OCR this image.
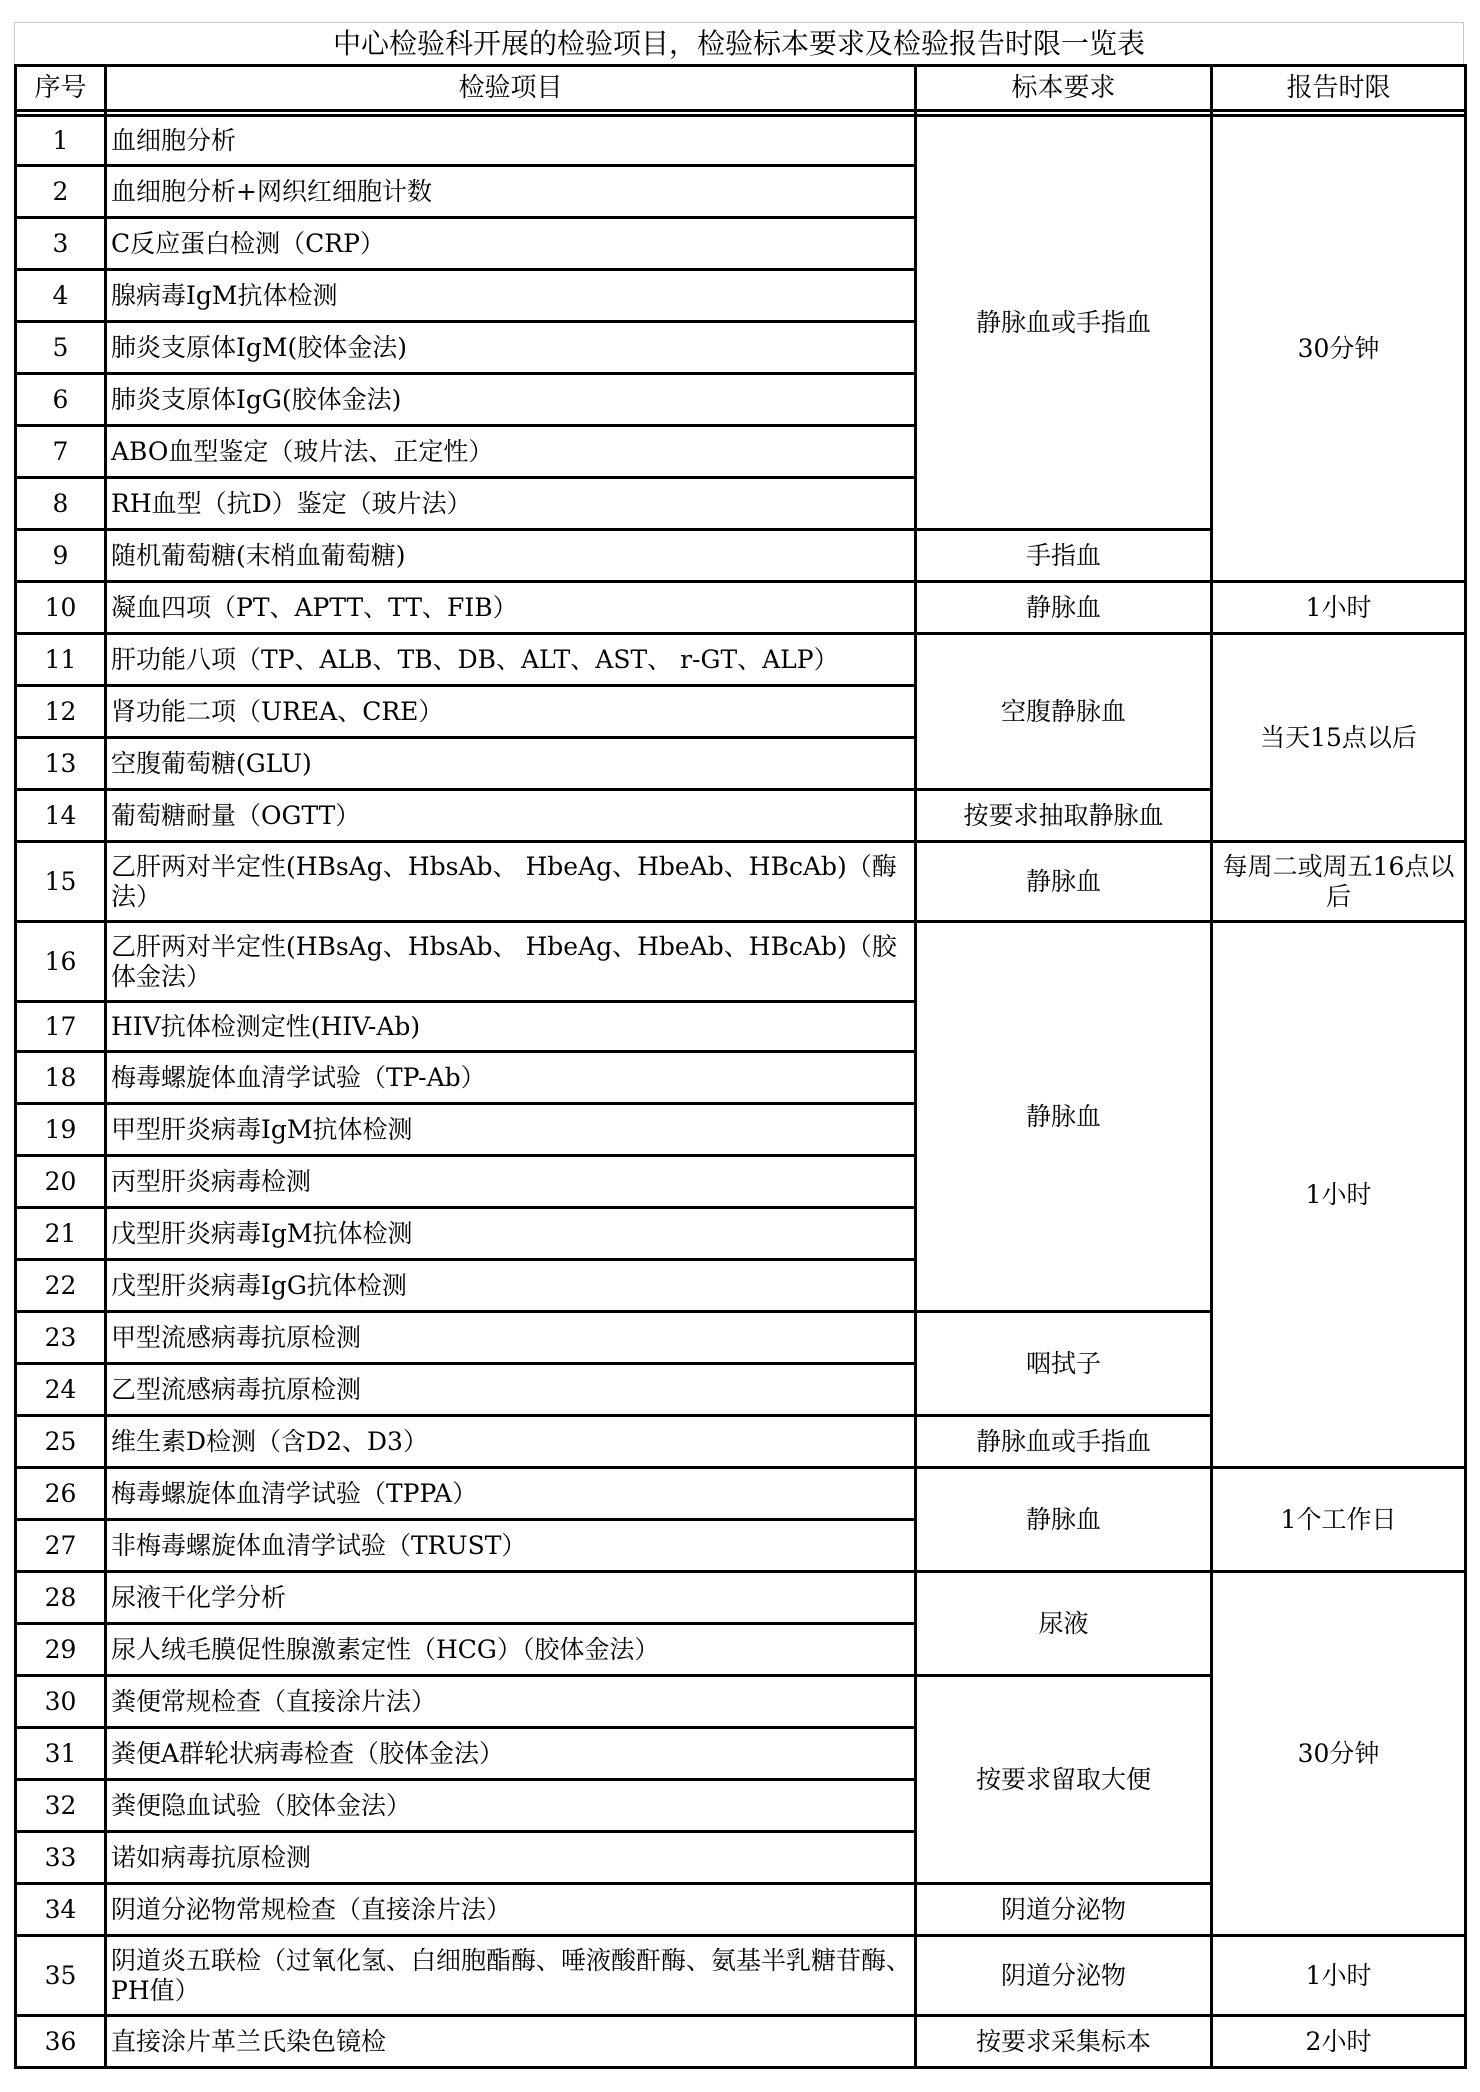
中心检验科开展的检验项目，检验标本要求及检验报告时限一览表
序号	检验项目	标本要求	报告时限

1	血细胞分析	静脉血或手指血	30分钟
2	血细胞分析+网织红细胞计数		
3	C反应蛋白检测（CRP）		
4	腺病毒IgM抗体检测		
5	肺炎支原体IgM(胶体金法)		
6	肺炎支原体IgG(胶体金法)		
7	ABO血型鉴定（玻片法、正定性）		
8	RH血型（抗D）鉴定（玻片法）		
9	随机葡萄糖(末梢血葡萄糖)	手指血	
10	凝血四项（PT、APTT、TT、FIB）	静脉血	1小时
11	肝功能八项（TP、ALB、TB、DB、ALT、AST、 r-GT、ALP）	空腹静脉血	当天15点以后
12	肾功能二项（UREA、CRE）		
13	空腹葡萄糖(GLU)		
14	葡萄糖耐量（OGTT）	按要求抽取静脉血	
15	乙肝两对半定性(HBsAg、HbsAb、 HbeAg、HbeAb、HBcAb)（酶法）	静脉血	每周二或周五16点以后
16	乙肝两对半定性(HBsAg、HbsAb、 HbeAg、HbeAb、HBcAb)（胶体金法）	静脉血	1小时
17	HIV抗体检测定性(HIV-Ab)		
18	梅毒螺旋体血清学试验（TP-Ab）		
19	甲型肝炎病毒IgM抗体检测		
20	丙型肝炎病毒检测		
21	戊型肝炎病毒IgM抗体检测		
22	戊型肝炎病毒IgG抗体检测		
23	甲型流感病毒抗原检测	咽拭子	
24	乙型流感病毒抗原检测		
25	维生素D检测（含D2、D3）	静脉血或手指血	
26	梅毒螺旋体血清学试验（TPPA）	静脉血	1个工作日
27	非梅毒螺旋体血清学试验（TRUST）		
28	尿液干化学分析	尿液	30分钟
29	尿人绒毛膜促性腺激素定性（HCG）（胶体金法）		
30	粪便常规检查（直接涂片法）	按要求留取大便	
31	粪便A群轮状病毒检查（胶体金法）		
32	粪便隐血试验（胶体金法）		
33	诺如病毒抗原检测		
34	阴道分泌物常规检查（直接涂片法）	阴道分泌物	
35	阴道炎五联检（过氧化氢、白细胞酯酶、唾液酸酐酶、氨基半乳糖苷酶、PH值）	阴道分泌物	1小时
36	直接涂片革兰氏染色镜检	按要求采集标本	2小时
